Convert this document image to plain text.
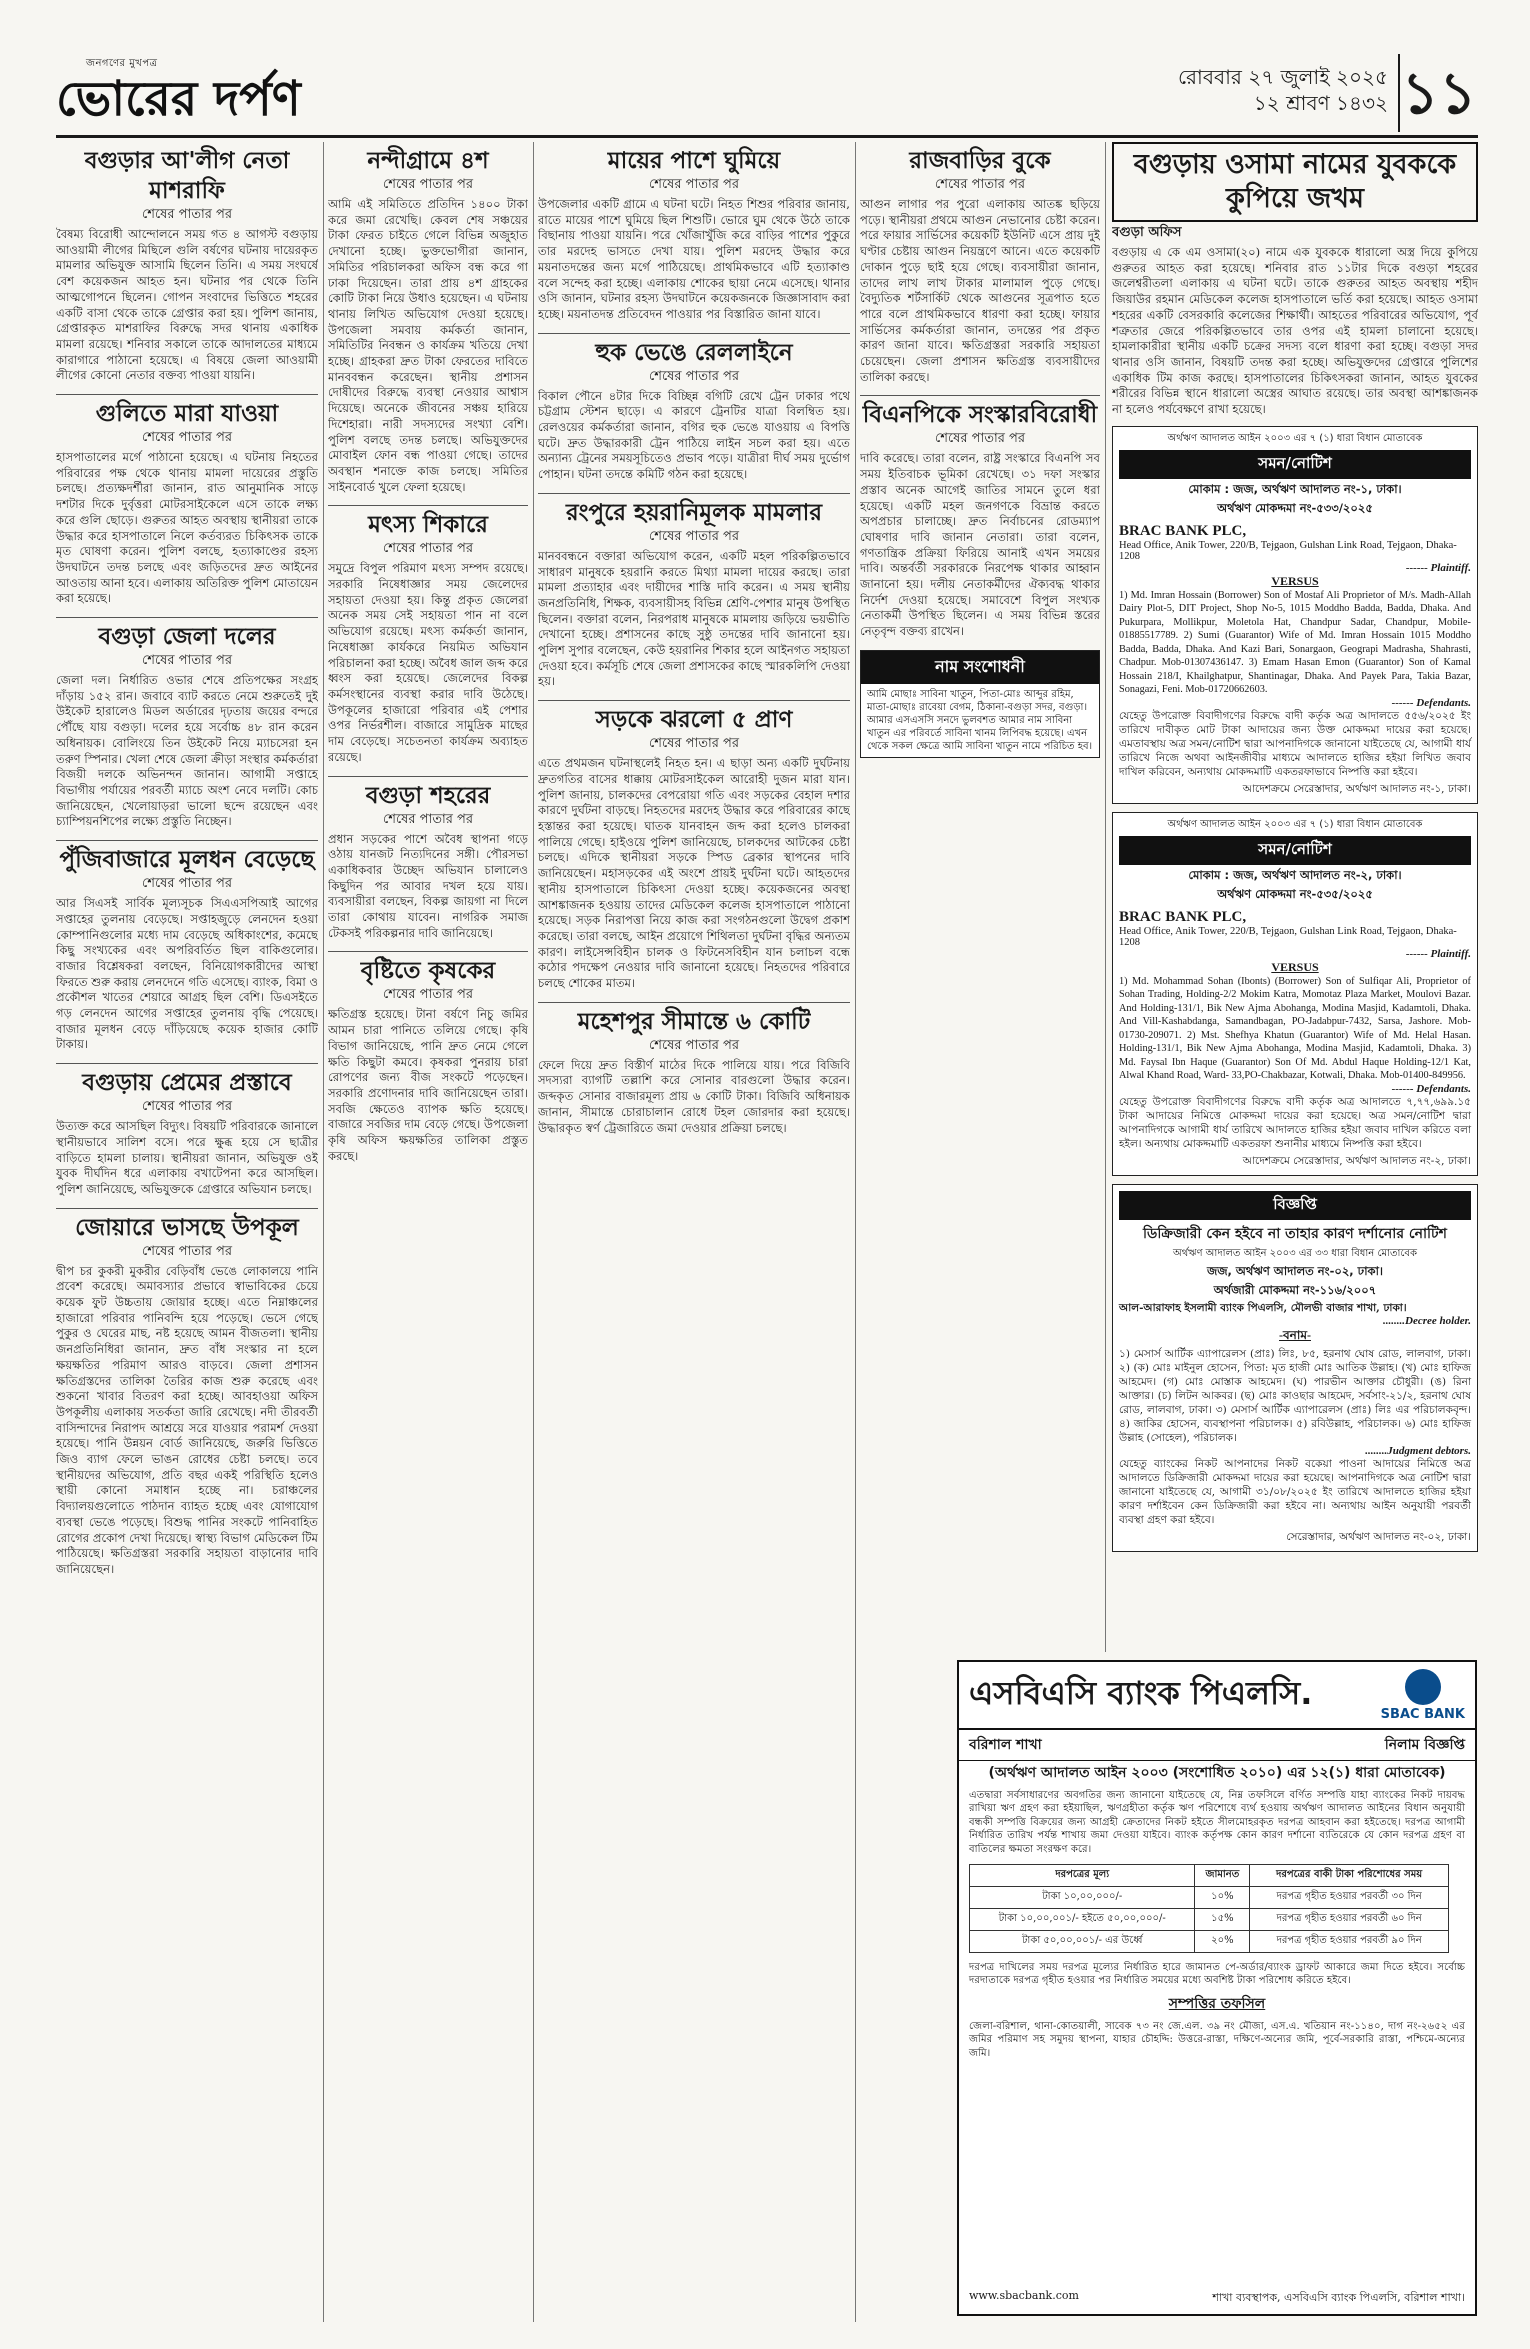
জনগণের মুখপত্র
ভোরের দর্পণ	রোববার ২৭ জুলাই ২০২৫
১২ শ্রাবণ ১৪৩২ ১১
বগুড়ার আ'লীগ নেতা মাশরাফি
শেষের পাতার পর
বৈষম্য বিরোধী আন্দোলনে সময় গত ৪ আগস্ট বগুড়ায় আওয়ামী লীগের মিছিলে গুলি বর্ষণের ঘটনায় দায়েরকৃত মামলার অভিযুক্ত আসামি ছিলেন তিনি। এ সময় সংঘর্ষে বেশ কয়েকজন আহত হন। ঘটনার পর থেকে তিনি আত্মগোপনে ছিলেন। গোপন সংবাদের ভিত্তিতে শহরের একটি বাসা থেকে তাকে গ্রেপ্তার করা হয়। পুলিশ জানায়, গ্রেপ্তারকৃত মাশরাফির বিরুদ্ধে সদর থানায় একাধিক মামলা রয়েছে। শনিবার সকালে তাকে আদালতের মাধ্যমে কারাগারে পাঠানো হয়েছে। এ বিষয়ে জেলা আওয়ামী লীগের কোনো নেতার বক্তব্য পাওয়া যায়নি।
গুলিতে মারা যাওয়া
শেষের পাতার পর
হাসপাতালের মর্গে পাঠানো হয়েছে। এ ঘটনায় নিহতের পরিবারের পক্ষ থেকে থানায় মামলা দায়েরের প্রস্তুতি চলছে। প্রত্যক্ষদর্শীরা জানান, রাত আনুমানিক সাড়ে দশটার দিকে দুর্বৃত্তরা মোটরসাইকেলে এসে তাকে লক্ষ্য করে গুলি ছোড়ে। গুরুতর আহত অবস্থায় স্থানীয়রা তাকে উদ্ধার করে হাসপাতালে নিলে কর্তব্যরত চিকিৎসক তাকে মৃত ঘোষণা করেন। পুলিশ বলছে, হত্যাকাণ্ডের রহস্য উদঘাটনে তদন্ত চলছে এবং জড়িতদের দ্রুত আইনের আওতায় আনা হবে। এলাকায় অতিরিক্ত পুলিশ মোতায়েন করা হয়েছে।
বগুড়া জেলা দলের
শেষের পাতার পর
জেলা দল। নির্ধারিত ওভার শেষে প্রতিপক্ষের সংগ্রহ দাঁড়ায় ১৫২ রান। জবাবে ব্যাট করতে নেমে শুরুতেই দুই উইকেট হারালেও মিডল অর্ডারের দৃঢ়তায় জয়ের বন্দরে পৌঁছে যায় বগুড়া। দলের হয়ে সর্বোচ্চ ৪৮ রান করেন অধিনায়ক। বোলিংয়ে তিন উইকেট নিয়ে ম্যাচসেরা হন তরুণ স্পিনার। খেলা শেষে জেলা ক্রীড়া সংস্থার কর্মকর্তারা বিজয়ী দলকে অভিনন্দন জানান। আগামী সপ্তাহে বিভাগীয় পর্যায়ের পরবর্তী ম্যাচে অংশ নেবে দলটি। কোচ জানিয়েছেন, খেলোয়াড়রা ভালো ছন্দে রয়েছেন এবং চ্যাম্পিয়নশিপের লক্ষ্যে প্রস্তুতি নিচ্ছেন।
পুঁজিবাজারে মূলধন বেড়েছে
শেষের পাতার পর
আর সিএসই সার্বিক মূল্যসূচক সিএএসপিআই আগের সপ্তাহের তুলনায় বেড়েছে। সপ্তাহজুড়ে লেনদেন হওয়া কোম্পানিগুলোর মধ্যে দাম বেড়েছে অধিকাংশের, কমেছে কিছু সংখ্যকের এবং অপরিবর্তিত ছিল বাকিগুলোর। বাজার বিশ্লেষকরা বলছেন, বিনিয়োগকারীদের আস্থা ফিরতে শুরু করায় লেনদেনে গতি এসেছে। ব্যাংক, বিমা ও প্রকৌশল খাতের শেয়ারে আগ্রহ ছিল বেশি। ডিএসইতে গড় লেনদেন আগের সপ্তাহের তুলনায় বৃদ্ধি পেয়েছে। বাজার মূলধন বেড়ে দাঁড়িয়েছে কয়েক হাজার কোটি টাকায়।
বগুড়ায় প্রেমের প্রস্তাবে
শেষের পাতার পর
উত্যক্ত করে আসছিল বিদ্যুৎ। বিষয়টি পরিবারকে জানালে স্থানীয়ভাবে সালিশ বসে। পরে ক্ষুব্ধ হয়ে সে ছাত্রীর বাড়িতে হামলা চালায়। স্থানীয়রা জানান, অভিযুক্ত ওই যুবক দীর্ঘদিন ধরে এলাকায় বখাটেপনা করে আসছিল। পুলিশ জানিয়েছে, অভিযুক্তকে গ্রেপ্তারে অভিযান চলছে।
জোয়ারে ভাসছে উপকূল
শেষের পাতার পর
দ্বীপ চর কুকরী মুকরীর বেড়িবাঁধ ভেঙে লোকালয়ে পানি প্রবেশ করেছে। অমাবস্যার প্রভাবে স্বাভাবিকের চেয়ে কয়েক ফুট উচ্চতায় জোয়ার হচ্ছে। এতে নিম্নাঞ্চলের হাজারো পরিবার পানিবন্দি হয়ে পড়েছে। ভেসে গেছে পুকুর ও ঘেরের মাছ, নষ্ট হয়েছে আমন বীজতলা। স্থানীয় জনপ্রতিনিধিরা জানান, দ্রুত বাঁধ সংস্কার না হলে ক্ষয়ক্ষতির পরিমাণ আরও বাড়বে। জেলা প্রশাসন ক্ষতিগ্রস্তদের তালিকা তৈরির কাজ শুরু করেছে এবং শুকনো খাবার বিতরণ করা হচ্ছে। আবহাওয়া অফিস উপকূলীয় এলাকায় সতর্কতা জারি রেখেছে। নদী তীরবর্তী বাসিন্দাদের নিরাপদ আশ্রয়ে সরে যাওয়ার পরামর্শ দেওয়া হয়েছে। পানি উন্নয়ন বোর্ড জানিয়েছে, জরুরি ভিত্তিতে জিও ব্যাগ ফেলে ভাঙন রোধের চেষ্টা চলছে। তবে স্থানীয়দের অভিযোগ, প্রতি বছর একই পরিস্থিতি হলেও স্থায়ী কোনো সমাধান হচ্ছে না। চরাঞ্চলের বিদ্যালয়গুলোতে পাঠদান ব্যাহত হচ্ছে এবং যোগাযোগ ব্যবস্থা ভেঙে পড়েছে। বিশুদ্ধ পানির সংকটে পানিবাহিত রোগের প্রকোপ দেখা দিয়েছে। স্বাস্থ্য বিভাগ মেডিকেল টিম পাঠিয়েছে। ক্ষতিগ্রস্তরা সরকারি সহায়তা বাড়ানোর দাবি জানিয়েছেন।
নন্দীগ্রামে ৪শ
শেষের পাতার পর
আমি এই সমিতিতে প্রতিদিন ১৪০০ টাকা করে জমা রেখেছি। কেবল শেষ সঞ্চয়ের টাকা ফেরত চাইতে গেলে বিভিন্ন অজুহাত দেখানো হচ্ছে। ভুক্তভোগীরা জানান, সমিতির পরিচালকরা অফিস বন্ধ করে গা ঢাকা দিয়েছেন। তারা প্রায় ৪শ গ্রাহকের কোটি টাকা নিয়ে উধাও হয়েছেন। এ ঘটনায় থানায় লিখিত অভিযোগ দেওয়া হয়েছে। উপজেলা সমবায় কর্মকর্তা জানান, সমিতিটির নিবন্ধন ও কার্যক্রম খতিয়ে দেখা হচ্ছে। গ্রাহকরা দ্রুত টাকা ফেরতের দাবিতে মানববন্ধন করেছেন। স্থানীয় প্রশাসন দোষীদের বিরুদ্ধে ব্যবস্থা নেওয়ার আশ্বাস দিয়েছে। অনেকে জীবনের সঞ্চয় হারিয়ে দিশেহারা। নারী সদস্যদের সংখ্যা বেশি। পুলিশ বলছে তদন্ত চলছে। অভিযুক্তদের মোবাইল ফোন বন্ধ পাওয়া গেছে। তাদের অবস্থান শনাক্তে কাজ চলছে। সমিতির সাইনবোর্ড খুলে ফেলা হয়েছে।
মৎস্য শিকারে
শেষের পাতার পর
সমুদ্রে বিপুল পরিমাণ মৎস্য সম্পদ রয়েছে। সরকারি নিষেধাজ্ঞার সময় জেলেদের সহায়তা দেওয়া হয়। কিন্তু প্রকৃত জেলেরা অনেক সময় সেই সহায়তা পান না বলে অভিযোগ রয়েছে। মৎস্য কর্মকর্তা জানান, নিষেধাজ্ঞা কার্যকরে নিয়মিত অভিযান পরিচালনা করা হচ্ছে। অবৈধ জাল জব্দ করে ধ্বংস করা হয়েছে। জেলেদের বিকল্প কর্মসংস্থানের ব্যবস্থা করার দাবি উঠেছে। উপকূলের হাজারো পরিবার এই পেশার ওপর নির্ভরশীল। বাজারে সামুদ্রিক মাছের দাম বেড়েছে। সচেতনতা কার্যক্রম অব্যাহত রয়েছে।
বগুড়া শহরের
শেষের পাতার পর
প্রধান সড়কের পাশে অবৈধ স্থাপনা গড়ে ওঠায় যানজট নিত্যদিনের সঙ্গী। পৌরসভা একাধিকবার উচ্ছেদ অভিযান চালালেও কিছুদিন পর আবার দখল হয়ে যায়। ব্যবসায়ীরা বলছেন, বিকল্প জায়গা না দিলে তারা কোথায় যাবেন। নাগরিক সমাজ টেকসই পরিকল্পনার দাবি জানিয়েছে।
বৃষ্টিতে কৃষকের
শেষের পাতার পর
ক্ষতিগ্রস্ত হয়েছে। টানা বর্ষণে নিচু জমির আমন চারা পানিতে তলিয়ে গেছে। কৃষি বিভাগ জানিয়েছে, পানি দ্রুত নেমে গেলে ক্ষতি কিছুটা কমবে। কৃষকরা পুনরায় চারা রোপণের জন্য বীজ সংকটে পড়েছেন। সরকারি প্রণোদনার দাবি জানিয়েছেন তারা। সবজি ক্ষেতেও ব্যাপক ক্ষতি হয়েছে। বাজারে সবজির দাম বেড়ে গেছে। উপজেলা কৃষি অফিস ক্ষয়ক্ষতির তালিকা প্রস্তুত করছে।
মায়ের পাশে ঘুমিয়ে
শেষের পাতার পর
উপজেলার একটি গ্রামে এ ঘটনা ঘটে। নিহত শিশুর পরিবার জানায়, রাতে মায়ের পাশে ঘুমিয়ে ছিল শিশুটি। ভোরে ঘুম থেকে উঠে তাকে বিছানায় পাওয়া যায়নি। পরে খোঁজাখুঁজি করে বাড়ির পাশের পুকুরে তার মরদেহ ভাসতে দেখা যায়। পুলিশ মরদেহ উদ্ধার করে ময়নাতদন্তের জন্য মর্গে পাঠিয়েছে। প্রাথমিকভাবে এটি হত্যাকাণ্ড বলে সন্দেহ করা হচ্ছে। এলাকায় শোকের ছায়া নেমে এসেছে। থানার ওসি জানান, ঘটনার রহস্য উদঘাটনে কয়েকজনকে জিজ্ঞাসাবাদ করা হচ্ছে। ময়নাতদন্ত প্রতিবেদন পাওয়ার পর বিস্তারিত জানা যাবে।
হুক ভেঙে রেললাইনে
শেষের পাতার পর
বিকাল পৌনে ৪টার দিকে বিচ্ছিন্ন বগিটি রেখে ট্রেন ঢাকার পথে চট্টগ্রাম স্টেশন ছাড়ে। এ কারণে ট্রেনটির যাত্রা বিলম্বিত হয়। রেলওয়ের কর্মকর্তারা জানান, বগির হুক ভেঙে যাওয়ায় এ বিপত্তি ঘটে। দ্রুত উদ্ধারকারী ট্রেন পাঠিয়ে লাইন সচল করা হয়। এতে অন্যান্য ট্রেনের সময়সূচিতেও প্রভাব পড়ে। যাত্রীরা দীর্ঘ সময় দুর্ভোগ পোহান। ঘটনা তদন্তে কমিটি গঠন করা হয়েছে।
রংপুরে হয়রানিমূলক মামলার
শেষের পাতার পর
মানববন্ধনে বক্তারা অভিযোগ করেন, একটি মহল পরিকল্পিতভাবে সাধারণ মানুষকে হয়রানি করতে মিথ্যা মামলা দায়ের করছে। তারা মামলা প্রত্যাহার এবং দায়ীদের শাস্তি দাবি করেন। এ সময় স্থানীয় জনপ্রতিনিধি, শিক্ষক, ব্যবসায়ীসহ বিভিন্ন শ্রেণি-পেশার মানুষ উপস্থিত ছিলেন। বক্তারা বলেন, নিরপরাধ মানুষকে মামলায় জড়িয়ে ভয়ভীতি দেখানো হচ্ছে। প্রশাসনের কাছে সুষ্ঠু তদন্তের দাবি জানানো হয়। পুলিশ সুপার বলেছেন, কেউ হয়রানির শিকার হলে আইনগত সহায়তা দেওয়া হবে। কর্মসূচি শেষে জেলা প্রশাসকের কাছে স্মারকলিপি দেওয়া হয়।
সড়কে ঝরলো ৫ প্রাণ
শেষের পাতার পর
এতে প্রথমজন ঘটনাস্থলেই নিহত হন। এ ছাড়া অন্য একটি দুর্ঘটনায় দ্রুতগতির বাসের ধাক্কায় মোটরসাইকেল আরোহী দুজন মারা যান। পুলিশ জানায়, চালকদের বেপরোয়া গতি এবং সড়কের বেহাল দশার কারণে দুর্ঘটনা বাড়ছে। নিহতদের মরদেহ উদ্ধার করে পরিবারের কাছে হস্তান্তর করা হয়েছে। ঘাতক যানবাহন জব্দ করা হলেও চালকরা পালিয়ে গেছে। হাইওয়ে পুলিশ জানিয়েছে, চালকদের আটকের চেষ্টা চলছে। এদিকে স্থানীয়রা সড়কে স্পিড ব্রেকার স্থাপনের দাবি জানিয়েছেন। মহাসড়কের এই অংশে প্রায়ই দুর্ঘটনা ঘটে। আহতদের স্থানীয় হাসপাতালে চিকিৎসা দেওয়া হচ্ছে। কয়েকজনের অবস্থা আশঙ্কাজনক হওয়ায় তাদের মেডিকেল কলেজ হাসপাতালে পাঠানো হয়েছে। সড়ক নিরাপত্তা নিয়ে কাজ করা সংগঠনগুলো উদ্বেগ প্রকাশ করেছে। তারা বলছে, আইন প্রয়োগে শিথিলতা দুর্ঘটনা বৃদ্ধির অন্যতম কারণ। লাইসেন্সবিহীন চালক ও ফিটনেসবিহীন যান চলাচল বন্ধে কঠোর পদক্ষেপ নেওয়ার দাবি জানানো হয়েছে। নিহতদের পরিবারে চলছে শোকের মাতম।
মহেশপুর সীমান্তে ৬ কোটি
শেষের পাতার পর
ফেলে দিয়ে দ্রুত বিস্তীর্ণ মাঠের দিকে পালিয়ে যায়। পরে বিজিবি সদস্যরা ব্যাগটি তল্লাশি করে সোনার বারগুলো উদ্ধার করেন। জব্দকৃত সোনার বাজারমূল্য প্রায় ৬ কোটি টাকা। বিজিবি অধিনায়ক জানান, সীমান্তে চোরাচালান রোধে টহল জোরদার করা হয়েছে। উদ্ধারকৃত স্বর্ণ ট্রেজারিতে জমা দেওয়ার প্রক্রিয়া চলছে।
রাজবাড়ির বুকে
শেষের পাতার পর
আগুন লাগার পর পুরো এলাকায় আতঙ্ক ছড়িয়ে পড়ে। স্থানীয়রা প্রথমে আগুন নেভানোর চেষ্টা করেন। পরে ফায়ার সার্ভিসের কয়েকটি ইউনিট এসে প্রায় দুই ঘণ্টার চেষ্টায় আগুন নিয়ন্ত্রণে আনে। এতে কয়েকটি দোকান পুড়ে ছাই হয়ে গেছে। ব্যবসায়ীরা জানান, তাদের লাখ লাখ টাকার মালামাল পুড়ে গেছে। বৈদ্যুতিক শর্টসার্কিট থেকে আগুনের সূত্রপাত হতে পারে বলে প্রাথমিকভাবে ধারণা করা হচ্ছে। ফায়ার সার্ভিসের কর্মকর্তারা জানান, তদন্তের পর প্রকৃত কারণ জানা যাবে। ক্ষতিগ্রস্তরা সরকারি সহায়তা চেয়েছেন। জেলা প্রশাসন ক্ষতিগ্রস্ত ব্যবসায়ীদের তালিকা করছে।
বিএনপিকে সংস্কারবিরোধী
শেষের পাতার পর
দাবি করেছে। তারা বলেন, রাষ্ট্র সংস্কারে বিএনপি সব সময় ইতিবাচক ভূমিকা রেখেছে। ৩১ দফা সংস্কার প্রস্তাব অনেক আগেই জাতির সামনে তুলে ধরা হয়েছে। একটি মহল জনগণকে বিভ্রান্ত করতে অপপ্রচার চালাচ্ছে। দ্রুত নির্বাচনের রোডম্যাপ ঘোষণার দাবি জানান নেতারা। তারা বলেন, গণতান্ত্রিক প্রক্রিয়া ফিরিয়ে আনাই এখন সময়ের দাবি। অন্তর্বর্তী সরকারকে নিরপেক্ষ থাকার আহ্বান জানানো হয়। দলীয় নেতাকর্মীদের ঐক্যবদ্ধ থাকার নির্দেশ দেওয়া হয়েছে। সমাবেশে বিপুল সংখ্যক নেতাকর্মী উপস্থিত ছিলেন। এ সময় বিভিন্ন স্তরের নেতৃবৃন্দ বক্তব্য রাখেন।
নাম সংশোধনী
আমি মোছাঃ সাবিনা খাতুন, পিতা-মোঃ আব্দুর রহিম, মাতা-মোছাঃ রাবেয়া বেগম, ঠিকানা-বগুড়া সদর, বগুড়া। আমার এসএসসি সনদে ভুলবশত আমার নাম সাবিনা খাতুন এর পরিবর্তে সাবিনা খানম লিপিবদ্ধ হয়েছে। এখন থেকে সকল ক্ষেত্রে আমি সাবিনা খাতুন নামে পরিচিত হব।
বগুড়ায় ওসামা নামের যুবককে কুপিয়ে জখম
বগুড়া অফিস
বগুড়ায় এ কে এম ওসামা(২০) নামে এক যুবককে ধারালো অস্ত্র দিয়ে কুপিয়ে গুরুতর আহত করা হয়েছে। শনিবার রাত ১১টার দিকে বগুড়া শহরের জলেশ্বরীতলা এলাকায় এ ঘটনা ঘটে। তাকে গুরুতর আহত অবস্থায় শহীদ জিয়াউর রহমান মেডিকেল কলেজ হাসপাতালে ভর্তি করা হয়েছে। আহত ওসামা শহরের একটি বেসরকারি কলেজের শিক্ষার্থী। আহতের পরিবারের অভিযোগ, পূর্ব শত্রুতার জেরে পরিকল্পিতভাবে তার ওপর এই হামলা চালানো হয়েছে। হামলাকারীরা স্থানীয় একটি চক্রের সদস্য বলে ধারণা করা হচ্ছে। বগুড়া সদর থানার ওসি জানান, বিষয়টি তদন্ত করা হচ্ছে। অভিযুক্তদের গ্রেপ্তারে পুলিশের একাধিক টিম কাজ করছে। হাসপাতালের চিকিৎসকরা জানান, আহত যুবকের শরীরের বিভিন্ন স্থানে ধারালো অস্ত্রের আঘাত রয়েছে। তার অবস্থা আশঙ্কাজনক না হলেও পর্যবেক্ষণে রাখা হয়েছে।
অর্থঋণ আদালত আইন ২০০৩ এর ৭ (১) ধারা বিধান মোতাবেক
সমন/নোটিশ
মোকাম : জজ, অর্থঋণ আদালত নং-১, ঢাকা।
অর্থঋণ মোকদ্দমা নং-৫৩৩/২০২৫
BRAC BANK PLC,
Head Office, Anik Tower, 220/B, Tejgaon, Gulshan Link Road, Tejgaon, Dhaka-1208
------ Plaintiff.
VERSUS
1) Md. Imran Hossain (Borrower) Son of Mostaf Ali Proprietor of M/s. Madh-Allah Dairy Plot-5, DIT Project, Shop No-5, 1015 Moddho Badda, Badda, Dhaka. And Pukurpara, Mollikpur, Moletola Hat, Chandpur Sadar, Chandpur, Mobile-01885517789. 2) Sumi (Guarantor) Wife of Md. Imran Hossain 1015 Moddho Badda, Badda, Dhaka. And Kazi Bari, Sonargaon, Geograpi Madrasha, Shahrasti, Chadpur. Mob-01307436147. 3) Emam Hasan Emon (Guarantor) Son of Kamal Hossain 218/I, Khailghatpur, Shantinagar, Dhaka. And Payek Para, Takia Bazar, Sonagazi, Feni. Mob-01720662603.
------ Defendants.
যেহেতু উপরোক্ত বিবাদীগণের বিরুদ্ধে বাদী কর্তৃক অত্র আদালতে ৫৫৬/২০২৫ ইং তারিখে দাবীকৃত মোট টাকা আদায়ের জন্য উক্ত মোকদ্দমা দায়ের করা হয়েছে। এমতাবস্থায় অত্র সমন/নোটিশ দ্বারা আপনাদিগকে জানানো যাইতেছে যে, আগামী ধার্য তারিখে নিজে অথবা আইনজীবীর মাধ্যমে আদালতে হাজির হইয়া লিখিত জবাব দাখিল করিবেন, অন্যথায় মোকদ্দমাটি একতরফাভাবে নিষ্পত্তি করা হইবে।
আদেশক্রমে সেরেস্তাদার, অর্থঋণ আদালত নং-১, ঢাকা।
অর্থঋণ আদালত আইন ২০০৩ এর ৭ (১) ধারা বিধান মোতাবেক
সমন/নোটিশ
মোকাম : জজ, অর্থঋণ আদালত নং-২, ঢাকা।
অর্থঋণ মোকদ্দমা নং-৫৩৫/২০২৫
BRAC BANK PLC,
Head Office, Anik Tower, 220/B, Tejgaon, Gulshan Link Road, Tejgaon, Dhaka-1208
------ Plaintiff.
VERSUS
1) Md. Mohammad Sohan (Ibonts) (Borrower) Son of Sulfiqar Ali, Proprietor of Sohan Trading, Holding-2/2 Mokim Katra, Momotaz Plaza Market, Moulovi Bazar. And Holding-131/1, Bik New Ajma Abohanga, Modina Masjid, Kadamtoli, Dhaka. And Vill-Kashabdanga, Samandbagan, PO-Jadabpur-7432, Sarsa, Jashore. Mob-01730-209071. 2) Mst. Shefhya Khatun (Guarantor) Wife of Md. Helal Hasan. Holding-131/1, Bik New Ajma Abohanga, Modina Masjid, Kadamtoli, Dhaka. 3) Md. Faysal Ibn Haque (Guarantor) Son Of Md. Abdul Haque Holding-12/1 Kat, Alwal Khand Road, Ward- 33,PO-Chakbazar, Kotwali, Dhaka. Mob-01400-849956.
------ Defendants.
যেহেতু উপরোক্ত বিবাদীগণের বিরুদ্ধে বাদী কর্তৃক অত্র আদালতে ৭,৭৭,৬৯৯.১৫ টাকা আদায়ের নিমিত্তে মোকদ্দমা দায়ের করা হয়েছে। অত্র সমন/নোটিশ দ্বারা আপনাদিগকে আগামী ধার্য তারিখে আদালতে হাজির হইয়া জবাব দাখিল করিতে বলা হইল। অন্যথায় মোকদ্দমাটি একতরফা শুনানীর মাধ্যমে নিষ্পত্তি করা হইবে।
আদেশক্রমে সেরেস্তাদার, অর্থঋণ আদালত নং-২, ঢাকা।
বিজ্ঞপ্তি
ডিক্রিজারী কেন হইবে না তাহার কারণ দর্শানোর নোটিশ
অর্থঋণ আদালত আইন ২০০৩ এর ৩৩ ধারা বিধান মোতাবেক
জজ, অর্থঋণ আদালত নং-০২, ঢাকা।
অর্থজারী মোকদ্দমা নং-১১৬/২০০৭
আল-আরাফাহ ইসলামী ব্যাংক পিএলসি, মৌলভী বাজার শাখা, ঢাকা।
........Decree holder.
-বনাম-
১) মেসার্স আর্টিক এ্যাপারেলস (প্রাঃ) লিঃ, ৮৫, হরনাথ ঘোষ রোড, লালবাগ, ঢাকা। ২) (ক) মোঃ মাইনুল হোসেন, পিতা: মৃত হাজী মোঃ আতিক উল্লাহ। (খ) মোঃ হাফিজ আহমেদ। (গ) মোঃ মোস্তাক আহমেদ। (ঘ) পারভীন আক্তার চৌধুরী। (ঙ) রিনা আক্তার। (চ) লিটন আকবর। (ছ) মোঃ কাওছার আহমেদ, সর্বসাং-২১/২, হরনাথ ঘোষ রোড, লালবাগ, ঢাকা। ৩) মেসার্স আর্টিক এ্যাপারেলস (প্রাঃ) লিঃ এর পরিচালকবৃন্দ। ৪) জাকির হোসেন, ব্যবস্থাপনা পরিচালক। ৫) রবিউল্লাহ, পরিচালক। ৬) মোঃ হাফিজ উল্লাহ (সোহেল), পরিচালক।
........Judgment debtors.
যেহেতু ব্যাংকের নিকট আপনাদের নিকট বকেয়া পাওনা আদায়ের নিমিত্তে অত্র আদালতে ডিক্রিজারী মোকদ্দমা দায়ের করা হয়েছে। আপনাদিগকে অত্র নোটিশ দ্বারা জানানো যাইতেছে যে, আগামী ৩১/০৮/২০২৫ ইং তারিখে আদালতে হাজির হইয়া কারণ দর্শাইবেন কেন ডিক্রিজারী করা হইবে না। অন্যথায় আইন অনুযায়ী পরবর্তী ব্যবস্থা গ্রহণ করা হইবে।
সেরেস্তাদার, অর্থঋণ আদালত নং-০২, ঢাকা।
এসবিএসি ব্যাংক পিএলসি.
SBAC BANK
বরিশাল শাখা	নিলাম বিজ্ঞপ্তি
(অর্থঋণ আদালত আইন ২০০৩ (সংশোধিত ২০১০) এর ১২(১) ধারা মোতাবেক)
এতদ্বারা সর্বসাধারণের অবগতির জন্য জানানো যাইতেছে যে, নিম্ন তফসিলে বর্ণিত সম্পত্তি যাহা ব্যাংকের নিকট দায়বদ্ধ রাখিয়া ঋণ গ্রহণ করা হইয়াছিল, ঋণগ্রহীতা কর্তৃক ঋণ পরিশোধে ব্যর্থ হওয়ায় অর্থঋণ আদালত আইনের বিধান অনুযায়ী বন্ধকী সম্পত্তি বিক্রয়ের জন্য আগ্রহী ক্রেতাদের নিকট হইতে সীলমোহরকৃত দরপত্র আহবান করা হইতেছে। দরপত্র আগামী নির্ধারিত তারিখ পর্যন্ত শাখায় জমা দেওয়া যাইবে। ব্যাংক কর্তৃপক্ষ কোন কারণ দর্শানো ব্যতিরেকে যে কোন দরপত্র গ্রহণ বা বাতিলের ক্ষমতা সংরক্ষণ করে।
দরপত্রের মূল্য	জামানত	দরপত্রের বাকী টাকা পরিশোধের সময়
টাকা ১০,০০,০০০/-	১০%	দরপত্র গৃহীত হওয়ার পরবর্তী ৩০ দিন
টাকা ১০,০০,০০১/- হইতে ৫০,০০,০০০/-	১৫%	দরপত্র গৃহীত হওয়ার পরবর্তী ৬০ দিন
টাকা ৫০,০০,০০১/- এর উর্ধ্বে	২০%	দরপত্র গৃহীত হওয়ার পরবর্তী ৯০ দিন
দরপত্র দাখিলের সময় দরপত্র মূল্যের নির্ধারিত হারে জামানত পে-অর্ডার/ব্যাংক ড্রাফট আকারে জমা দিতে হইবে। সর্বোচ্চ দরদাতাকে দরপত্র গৃহীত হওয়ার পর নির্ধারিত সময়ের মধ্যে অবশিষ্ট টাকা পরিশোধ করিতে হইবে।
সম্পত্তির তফসিল
জেলা-বরিশাল, থানা-কোতয়ালী, সাবেক ৭৩ নং জে.এল. ৩৯ নং মৌজা, এস.এ. খতিয়ান নং-১১৪০, দাগ নং-২৬৫২ এর জমির পরিমাণ সহ সমুদয় স্থাপনা, যাহার চৌহদ্দি: উত্তরে-রাস্তা, দক্ষিণে-অন্যের জমি, পূর্বে-সরকারি রাস্তা, পশ্চিমে-অন্যের জমি।
www.sbacbank.com	শাখা ব্যবস্থাপক, এসবিএসি ব্যাংক পিএলসি, বরিশাল শাখা।
